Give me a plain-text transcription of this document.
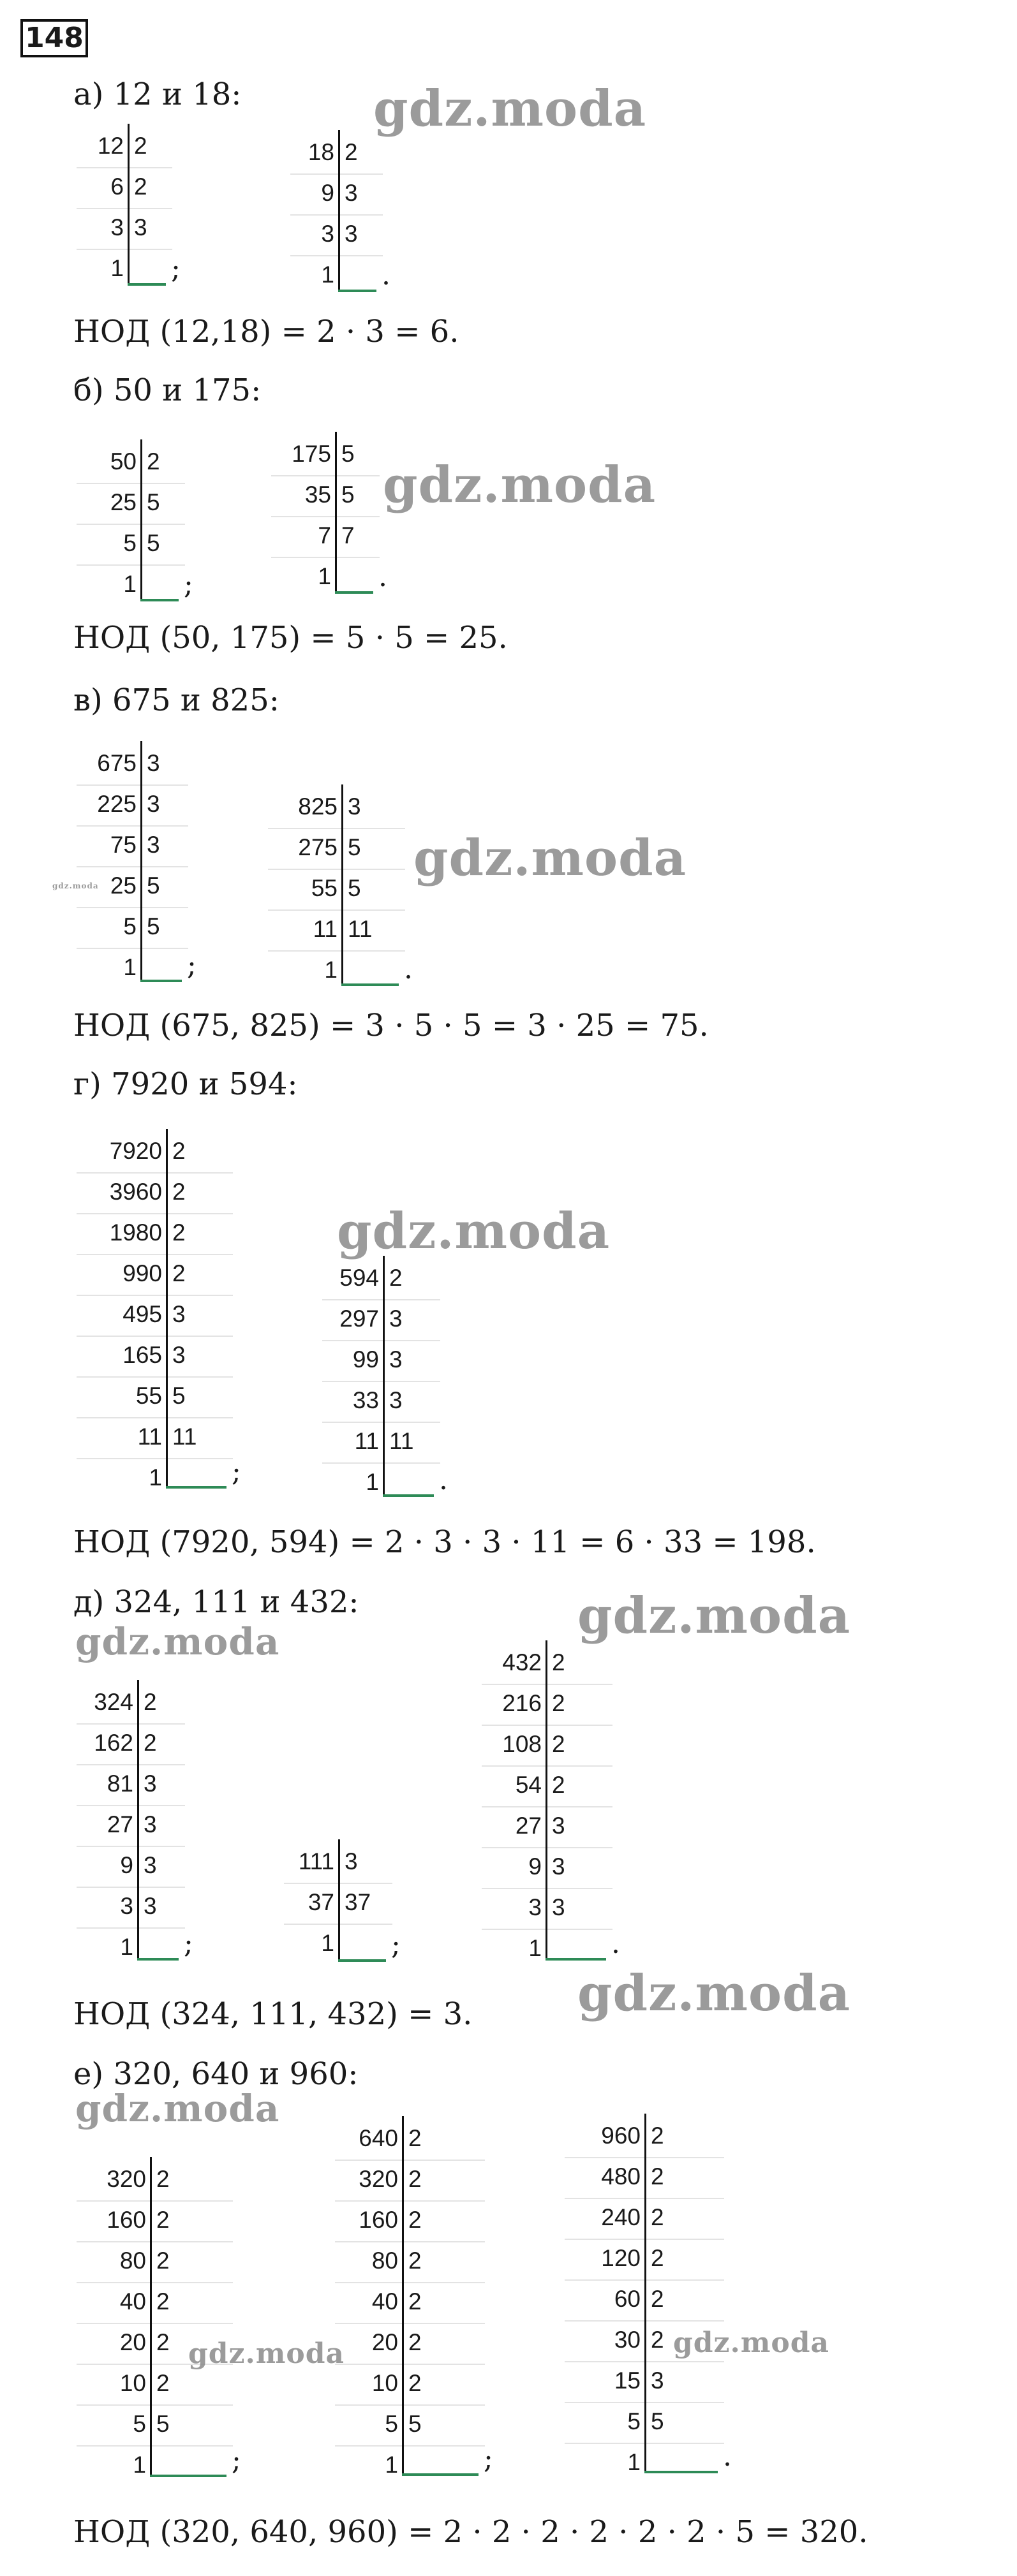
148
а) 12 и 18:
12 2
6 2
3 3
1 ;
18 2
9 3
3 3
1 .
НОД (12,18) = 2 · 3 = 6.
б) 50 и 175:
50 2
25 5
5 5
1 ;
175 5
35 5
7 7
1 .
НОД (50, 175) = 5 · 5 = 25.
в) 675 и 825:
675 3
225 3
75 3
25 5
5 5
1 ;
825 3
275 5
55 5
11 11
1 .
НОД (675, 825) = 3 · 5 · 5 = 3 · 25 = 75.
г) 7920 и 594:
7920 2
3960 2
1980 2
990 2
495 3
165 3
55 5
11 11
1 ;
594 2
297 3
99 3
33 3
11 11
1 .
НОД (7920, 594) = 2 · 3 · 3 · 11 = 6 · 33 = 198.
д) 324, 111 и 432:
324 2
162 2
81 3
27 3
9 3
3 3
1 ;
111 3
37 37
1 ;
432 2
216 2
108 2
54 2
27 3
9 3
3 3
1 .
НОД (324, 111, 432) = 3.
е) 320, 640 и 960:
320 2
160 2
80 2
40 2
20 2
10 2
5 5
1	;
640 2
320 2
160 2
80 2
40 2
20 2
10 2
5 5
1	;
960 2
480 2
240 2
120 2
60 2
30 2
15 3
5 5
1	.
НОД (320, 640, 960) = 2 · 2 · 2 · 2 · 2 · 2 · 5 = 320.
gdz.moda
gdz.moda
gdz.moda
gdz.moda
gdz.moda
gdz.moda
gdz.moda
gdz.moda
gdz.moda
gdz.moda	gdz.moda
